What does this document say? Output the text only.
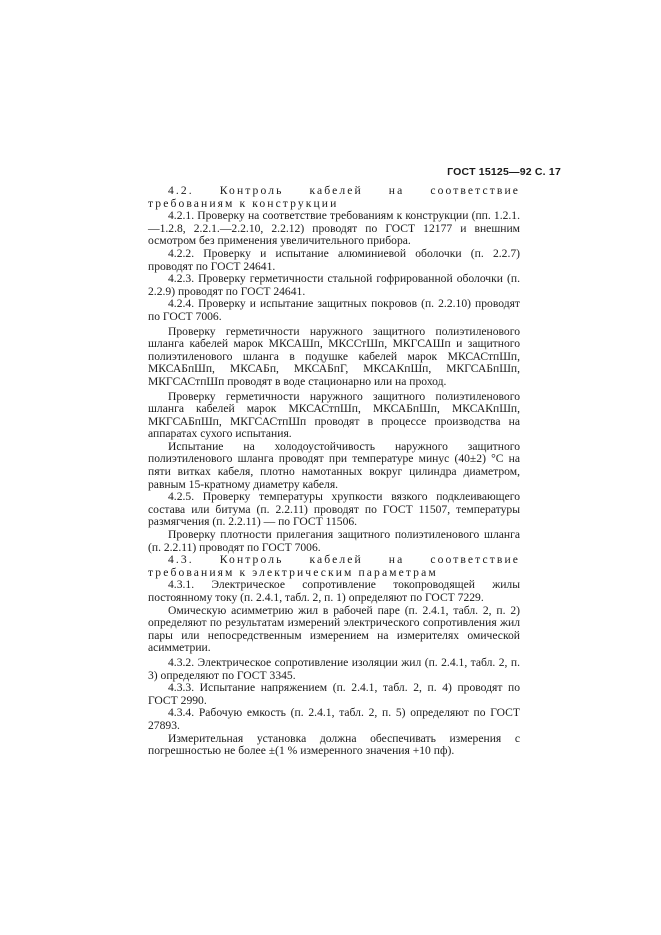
ГОСТ 15125—92 С. 17

4.2. Контроль кабелей на соответствие требованиям к конструкции

4.2.1. Проверку на соответствие требованиям к конструкции (пп. 1.2.1.—1.2.8, 2.2.1.—2.2.10, 2.2.12) проводят по ГОСТ 12177 и внешним осмотром без применения увеличительного прибора.

4.2.2. Проверку и испытание алюминиевой оболочки (п. 2.2.7) проводят по ГОСТ 24641.

4.2.3. Проверку герметичности стальной гофрированной оболочки (п. 2.2.9) проводят по ГОСТ 24641.

4.2.4. Проверку и испытание защитных покровов (п. 2.2.10) проводят по ГОСТ 7006.

Проверку герметичности наружного защитного полиэтиленового шланга кабелей марок МКСАШп, МКССтШп, МКГСАШп и защитного полиэтиленового шланга в подушке кабелей марок МКСАСтпШп, МКСАБпШп, МКСАБп, МКСАБпГ, МКСАКпШп, МКГСАБпШп, МКГСАСтпШп проводят в воде стационарно или на проход.

Проверку герметичности наружного защитного полиэтиленового шланга кабелей марок МКСАСтпШп, МКСАБпШп, МКСАКпШп, МКГСАБпШп, МКГСАСтпШп проводят в процессе производства на аппаратах сухого испытания.

Испытание на холодоустойчивость наружного защитного полиэтиленового шланга проводят при температуре минус (40±2) °С на пяти витках кабеля, плотно намотанных вокруг цилиндра диаметром, равным 15-кратному диаметру кабеля.

4.2.5. Проверку температуры хрупкости вязкого подклеивающего состава или битума (п. 2.2.11) проводят по ГОСТ 11507, температуры размягчения (п. 2.2.11) — по ГОСТ 11506.

Проверку плотности прилегания защитного полиэтиленового шланга (п. 2.2.11) проводят по ГОСТ 7006.

4.3. Контроль кабелей на соответствие требованиям к электрическим параметрам

4.3.1. Электрическое сопротивление токопроводящей жилы постоянному току (п. 2.4.1, табл. 2, п. 1) определяют по ГОСТ 7229.

Омическую асимметрию жил в рабочей паре (п. 2.4.1, табл. 2, п. 2) определяют по результатам измерений электрического сопротивления жил пары или непосредственным измерением на измерителях омической асимметрии.

4.3.2. Электрическое сопротивление изоляции жил (п. 2.4.1, табл. 2, п. 3) определяют по ГОСТ 3345.

4.3.3. Испытание напряжением (п. 2.4.1, табл. 2, п. 4) проводят по ГОСТ 2990.

4.3.4. Рабочую емкость (п. 2.4.1, табл. 2, п. 5) определяют по ГОСТ 27893.

Измерительная установка должна обеспечивать измерения с погрешностью не более ±(1 % измеренного значения +10 пф).
